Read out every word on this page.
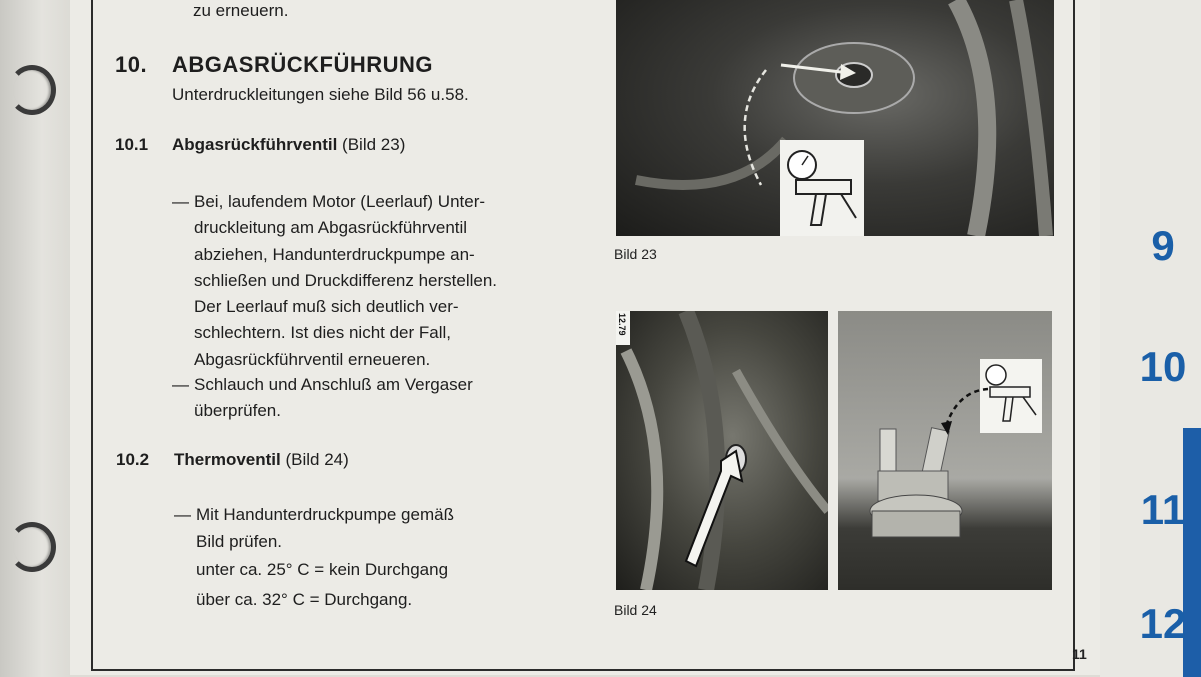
zu erneuern.
10. ABGASRÜCKFÜHRUNG
Unterdruckleitungen siehe Bild 56 u.58.
10.1 Abgasrückführventil (Bild 23)
— Bei, laufendem Motor (Leerlauf) Unter-
druckleitung am Abgasrückführventil
abziehen, Handunterdruckpumpe an-
schließen und Druckdifferenz herstellen.
Der Leerlauf muß sich deutlich ver-
schlechtern. Ist dies nicht der Fall,
Abgasrückführventil erneueren.
— Schlauch und Anschluß am Vergaser
überprüfen.
10.2 Thermoventil (Bild 24)
— Mit Handunterdruckpumpe gemäß
Bild prüfen.
unter ca. 25° C = kein Durchgang
über ca. 32° C = Durchgang.
Bild 23
12.79
Bild 24
11
9
10
11
12
